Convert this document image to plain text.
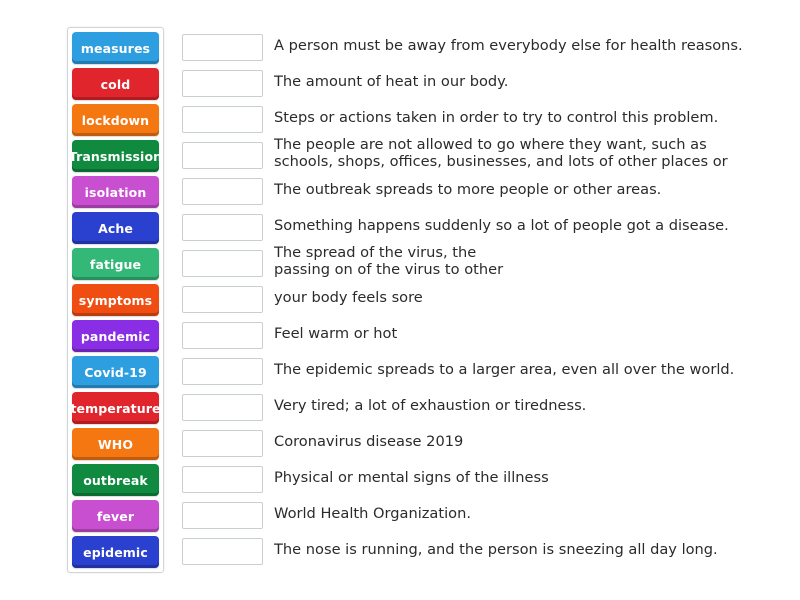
measures
cold
lockdown
Transmission
isolation
Ache
fatigue
symptoms
pandemic
Covid-19
temperature
WHO
outbreak
fever
epidemic
A person must be away from everybody else for health reasons.
The amount of heat in our body.
Steps or actions taken in order to try to control this problem.
The people are not allowed to go where they want, such as schools, shops, offices, businesses, and lots of other places or
The outbreak spreads to more people or other areas.
Something happens suddenly so a lot of people got a disease.
The spread of the virus, the passing on of the virus to other
your body feels sore
Feel warm or hot
The epidemic spreads to a larger area, even all over the world.
Very tired; a lot of exhaustion or tiredness.
Coronavirus disease 2019
Physical or mental signs of the illness
World Health Organization.
The nose is running, and the person is sneezing all day long.
